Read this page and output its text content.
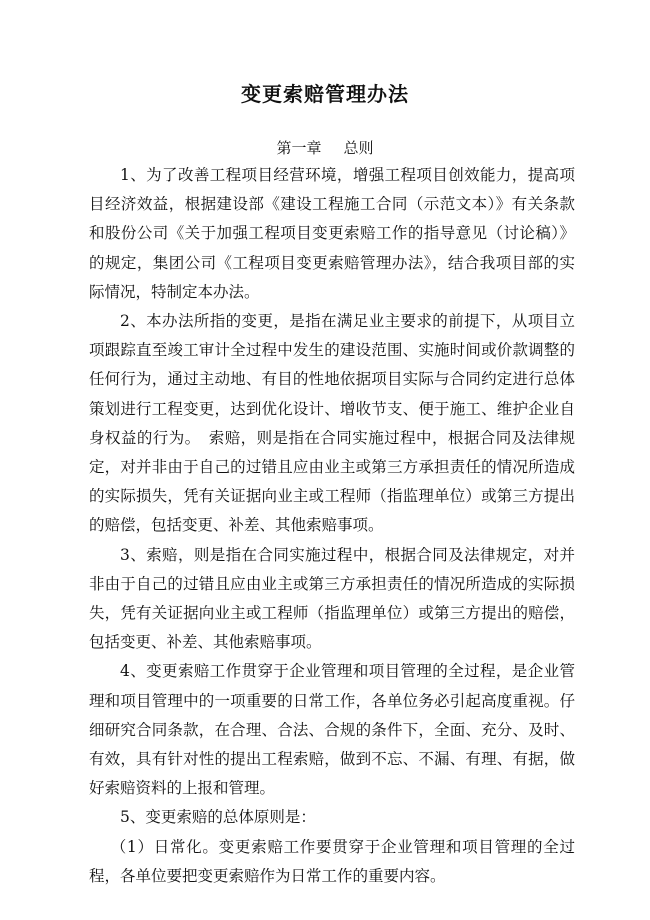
变更索赔管理办法
第一章 总则

1、为了改善工程项目经营环境，增强工程项目创效能力，提高项目经济效益，根据建设部《建设工程施工合同（示范文本）》有关条款和股份公司《关于加强工程项目变更索赔工作的指导意见（讨论稿）》的规定，集团公司《工程项目变更索赔管理办法》，结合我项目部的实际情况，特制定本办法。

2、本办法所指的变更，是指在满足业主要求的前提下，从项目立项跟踪直至竣工审计全过程中发生的建设范围、实施时间或价款调整的任何行为，通过主动地、有目的性地依据项目实际与合同约定进行总体策划进行工程变更，达到优化设计、增收节支、便于施工、维护企业自身权益的行为。　索赔，则是指在合同实施过程中，根据合同及法律规定，对并非由于自己的过错且应由业主或第三方承担责任的情况所造成的实际损失，凭有关证据向业主或工程师（指监理单位）或第三方提出的赔偿，包括变更、补差、其他索赔事项。

3、索赔，则是指在合同实施过程中，根据合同及法律规定，对并非由于自己的过错且应由业主或第三方承担责任的情况所造成的实际损失，凭有关证据向业主或工程师（指监理单位）或第三方提出的赔偿，包括变更、补差、其他索赔事项。

4、变更索赔工作贯穿于企业管理和项目管理的全过程，是企业管理和项目管理中的一项重要的日常工作，各单位务必引起高度重视。仔细研究合同条款，在合理、合法、合规的条件下，全面、充分、及时、有效，具有针对性的提出工程索赔，做到不忘、不漏、有理、有据，做好索赔资料的上报和管理。

5、变更索赔的总体原则是：

（1）日常化。变更索赔工作要贯穿于企业管理和项目管理的全过程，各单位要把变更索赔作为日常工作的重要内容。
